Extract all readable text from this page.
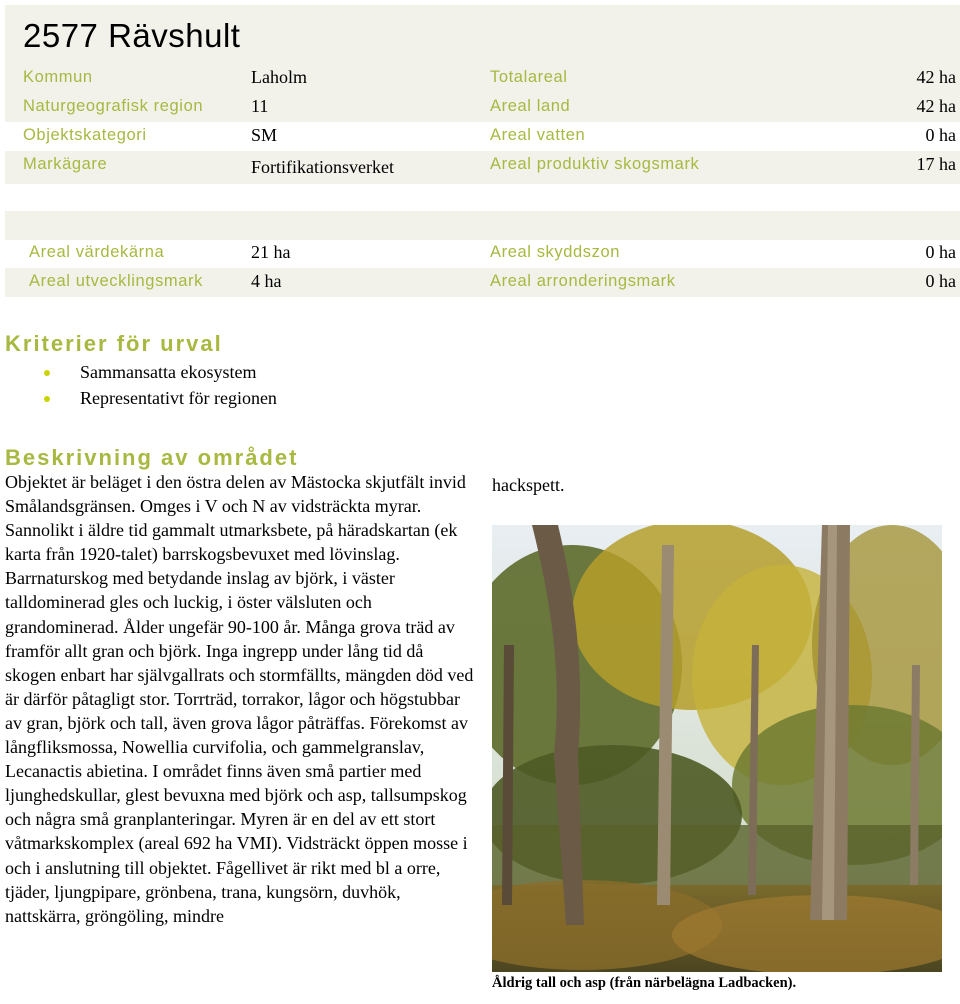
2577 Rävshult
Kommun	Laholm	Totalareal	42 ha
Naturgeografisk region	11	Areal land	42 ha
Objektskategori	SM	Areal vatten	0 ha
Markägare	Fortifikationsverket	Areal produktiv skogsmark	17 ha
Areal värdekärna	21 ha	Areal skyddszon	0 ha
Areal utvecklingsmark	4 ha	Areal arronderingsmark	0 ha
Kriterier för urval
Sammansatta ekosystem
Representativt för regionen
Beskrivning av området

Objektet är beläget i den östra delen av Mästocka skjutfält invid Smålandsgränsen. Omges i V och N av vidsträckta myrar. Sannolikt i äldre tid gammalt utmarksbete, på häradskartan (ek karta från 1920-talet) barrskogsbevuxet med lövinslag. Barrnaturskog med betydande inslag av björk, i väster talldominerad gles och luckig, i öster välsluten och grandominerad. Ålder ungefär 90-100 år. Många grova träd av framför allt gran och björk. Inga ingrepp under lång tid då skogen enbart har självgallrats och stormfällts, mängden död ved är därför påtagligt stor. Torrträd, torrakor, lågor och högstubbar av gran, björk och tall, även grova lågor påträffas. Förekomst av långfliksmossa, Nowellia curvifolia, och gammelgranslav, Lecanactis abietina. I området finns även små partier med ljunghedskullar, glest bevuxna med björk och asp, tallsumpskog och några små granplanteringar. Myren är en del av ett stort våtmarkskomplex (areal 692 ha VMI). Vidsträckt öppen mosse i och i anslutning till objektet. Fågellivet är rikt med bl a orre, tjäder, ljungpipare, grönbena, trana, kungsörn, duvhök, nattskärra, gröngöling, mindre

hackspett.
Åldrig tall och asp (från närbelägna Ladbacken).
